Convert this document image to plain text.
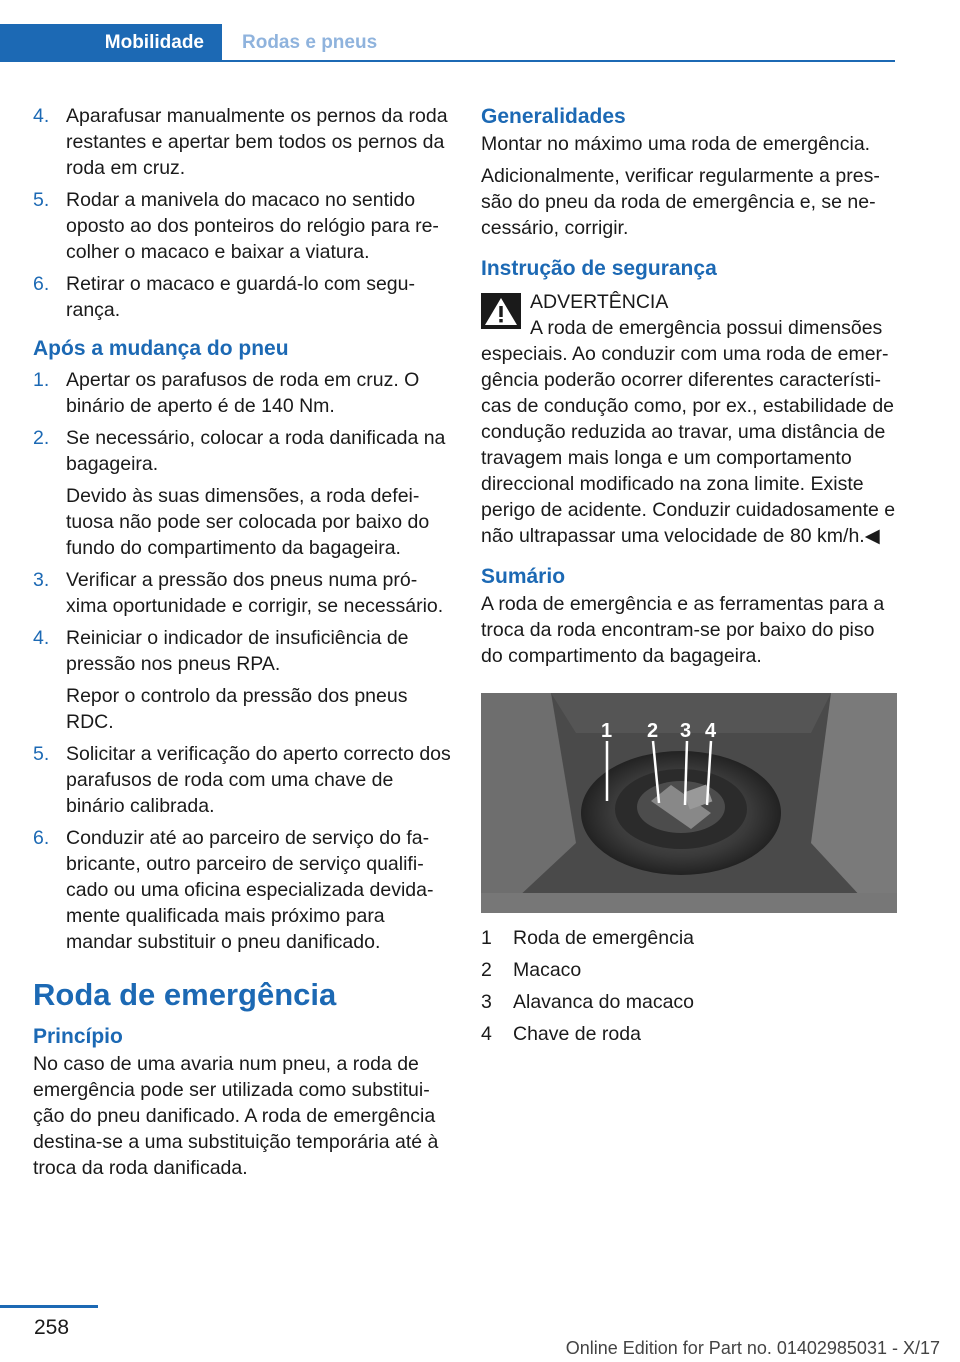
Mobilidade Rodas e pneus
4. Aparafusar manualmente os pernos da roda restantes e apertar bem todos os pernos da roda em cruz.
5. Rodar a manivela do macaco no sentido oposto ao dos ponteiros do relógio para recolher o macaco e baixar a viatura.
6. Retirar o macaco e guardá-lo com segurança.
Após a mudança do pneu
1. Apertar os parafusos de roda em cruz. O binário de aperto é de 140 Nm.
2. Se necessário, colocar a roda danificada na bagageira.
Devido às suas dimensões, a roda defeituosa não pode ser colocada por baixo do fundo do compartimento da bagageira.
3. Verificar a pressão dos pneus numa próxima oportunidade e corrigir, se necessário.
4. Reiniciar o indicador de insuficiência de pressão nos pneus RPA.
Repor o controlo da pressão dos pneus RDC.
5. Solicitar a verificação do aperto correcto dos parafusos de roda com uma chave de binário calibrada.
6. Conduzir até ao parceiro de serviço do fabricante, outro parceiro de serviço qualificado ou uma oficina especializada devidamente qualificada mais próximo para mandar substituir o pneu danificado.
Roda de emergência
Princípio

No caso de uma avaria num pneu, a roda de emergência pode ser utilizada como substituição do pneu danificado. A roda de emergência destina-se a uma substituição temporária até à troca da roda danificada.

Generalidades

Montar no máximo uma roda de emergência.

Adicionalmente, verificar regularmente a pressão do pneu da roda de emergência e, se necessário, corrigir.

Instrução de segurança
ADVERTÊNCIA
A roda de emergência possui dimensões
especiais. Ao conduzir com uma roda de emergência poderão ocorrer diferentes características de condução como, por ex., estabilidade de condução reduzida ao travar, uma distância de travagem mais longa e um comportamento direccional modificado na zona limite. Existe perigo de acidente. Conduzir cuidadosamente e não ultrapassar uma velocidade de 80 km/h.◀
Sumário

A roda de emergência e as ferramentas para a troca da roda encontram-se por baixo do piso do compartimento da bagageira.

1 2 3 4
1 Roda de emergência
2 Macaco
3 Alavanca do macaco
4 Chave de roda
258
Online Edition for Part no. 01402985031 - X/17
